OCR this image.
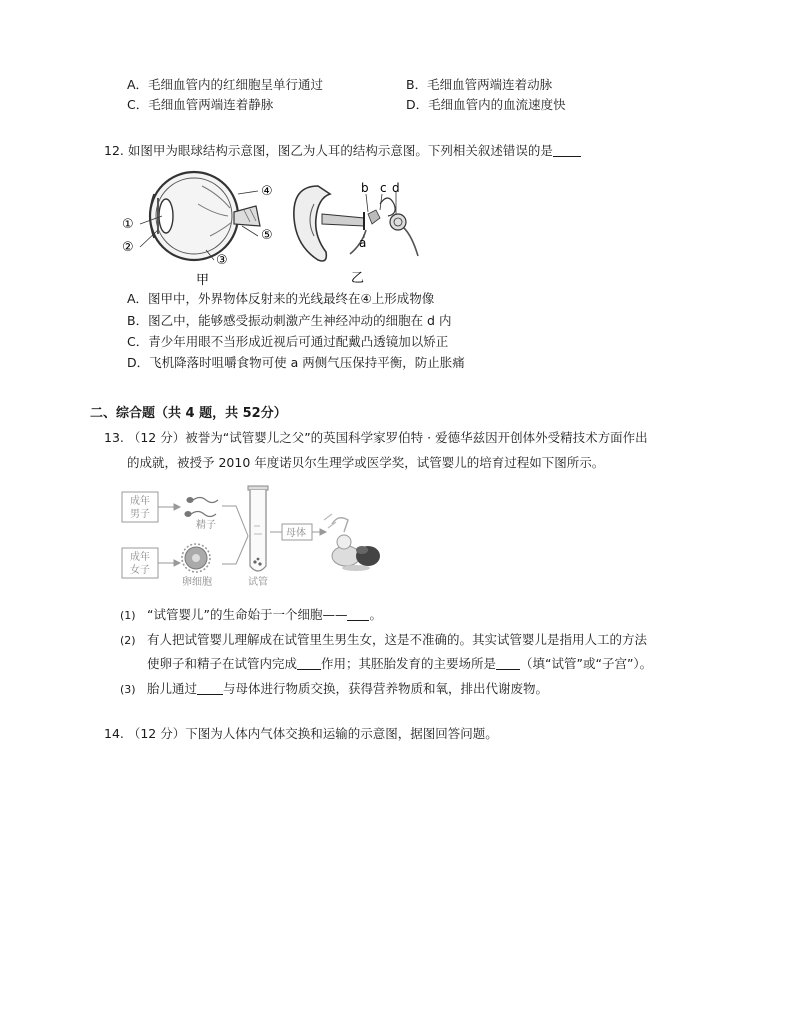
A．毛细血管内的红细胞呈单行通过	B．毛细血管两端连着动脉
C．毛细血管两端连着静脉	D．毛细血管内的血流速度快
12. 如图甲为眼球结构示意图，图乙为人耳的结构示意图。下列相关叙述错误的是
①
②
③
④
⑤
甲
b c d
a
乙
A．图甲中，外界物体反射来的光线最终在④上形成物像
B．图乙中，能够感受振动刺激产生神经冲动的细胞在 d 内
C．青少年用眼不当形成近视后可通过配戴凸透镜加以矫正
D．飞机降落时咀嚼食物可使 a 两侧气压保持平衡，防止胀痛
二、综合题（共 4 题，共 52分）
13. （12 分）被誉为“试管婴儿之父”的英国科学家罗伯特 · 爱德华兹因开创体外受精技术方面作出
的成就，被授予 2010 年度诺贝尔生理学或医学奖，试管婴儿的培育过程如下图所示。
成年
男子
成年
女子
精子
卵细胞	试管
母体
(1) “试管婴儿”的生命始于一个细胞—— 。
(2) 有人把试管婴儿理解成在试管里生男生女，这是不准确的。其实试管婴儿是指用人工的方法
使卵子和精子在试管内完成 作用；其胚胎发育的主要场所是 （填“试管”或“子宫”）。
(3) 胎儿通过 与母体进行物质交换，获得营养物质和氧，排出代谢废物。
14. （12 分）下图为人体内气体交换和运输的示意图，据图回答问题。
